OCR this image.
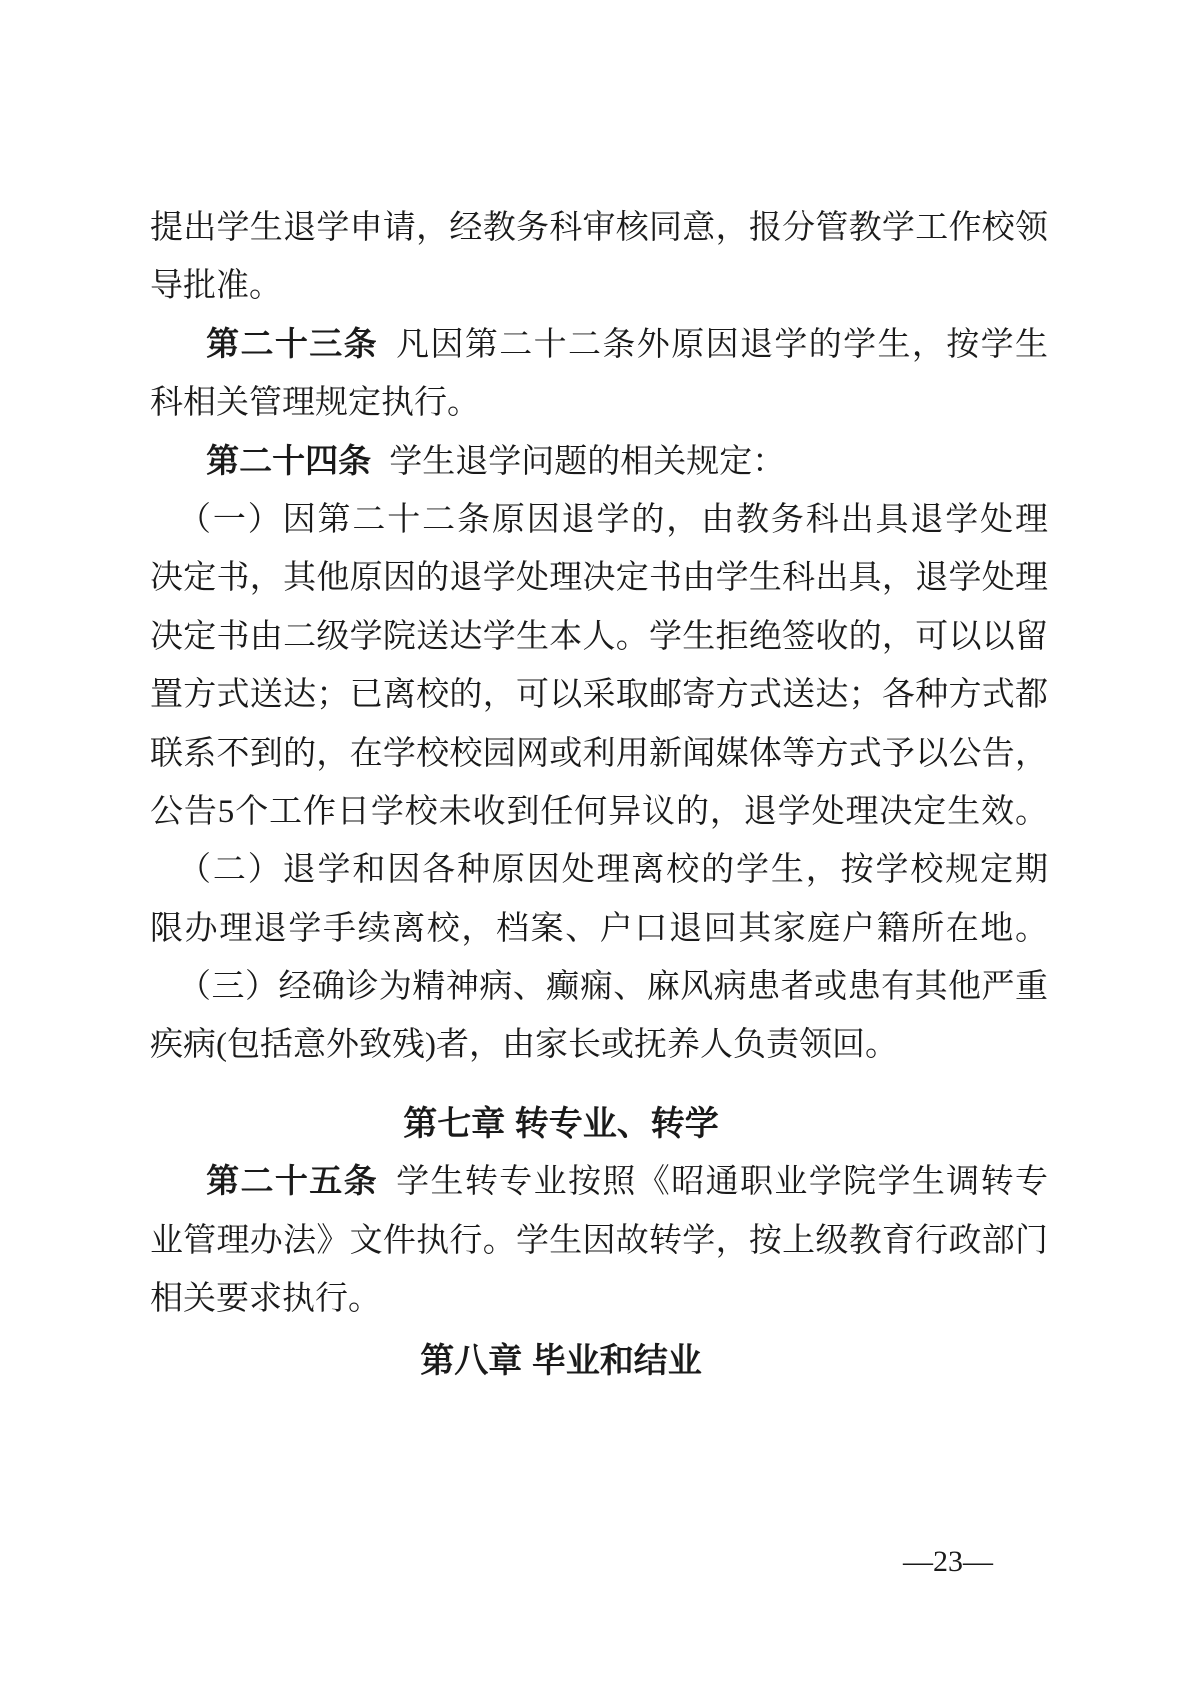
提出学生退学申请，经教务科审核同意，报分管教学工作校领
导批准。
第二十三条 凡因第二十二条外原因退学的学生，按学生
科相关管理规定执行。
第二十四条 学生退学问题的相关规定：
（一）因第二十二条原因退学的，由教务科出具退学处理
决定书，其他原因的退学处理决定书由学生科出具，退学处理
决定书由二级学院送达学生本人。学生拒绝签收的，可以以留
置方式送达；已离校的，可以采取邮寄方式送达；各种方式都
联系不到的，在学校校园网或利用新闻媒体等方式予以公告，
公告5个工作日学校未收到任何异议的，退学处理决定生效。
（二）退学和因各种原因处理离校的学生，按学校规定期
限办理退学手续离校，档案、户口退回其家庭户籍所在地。
（三）经确诊为精神病、癫痫、麻风病患者或患有其他严重
疾病(包括意外致残)者，由家长或抚养人负责领回。
第七章 转专业、转学
第二十五条 学生转专业按照《昭通职业学院学生调转专
业管理办法》文件执行。学生因故转学，按上级教育行政部门
相关要求执行。
第八章 毕业和结业
—23—
